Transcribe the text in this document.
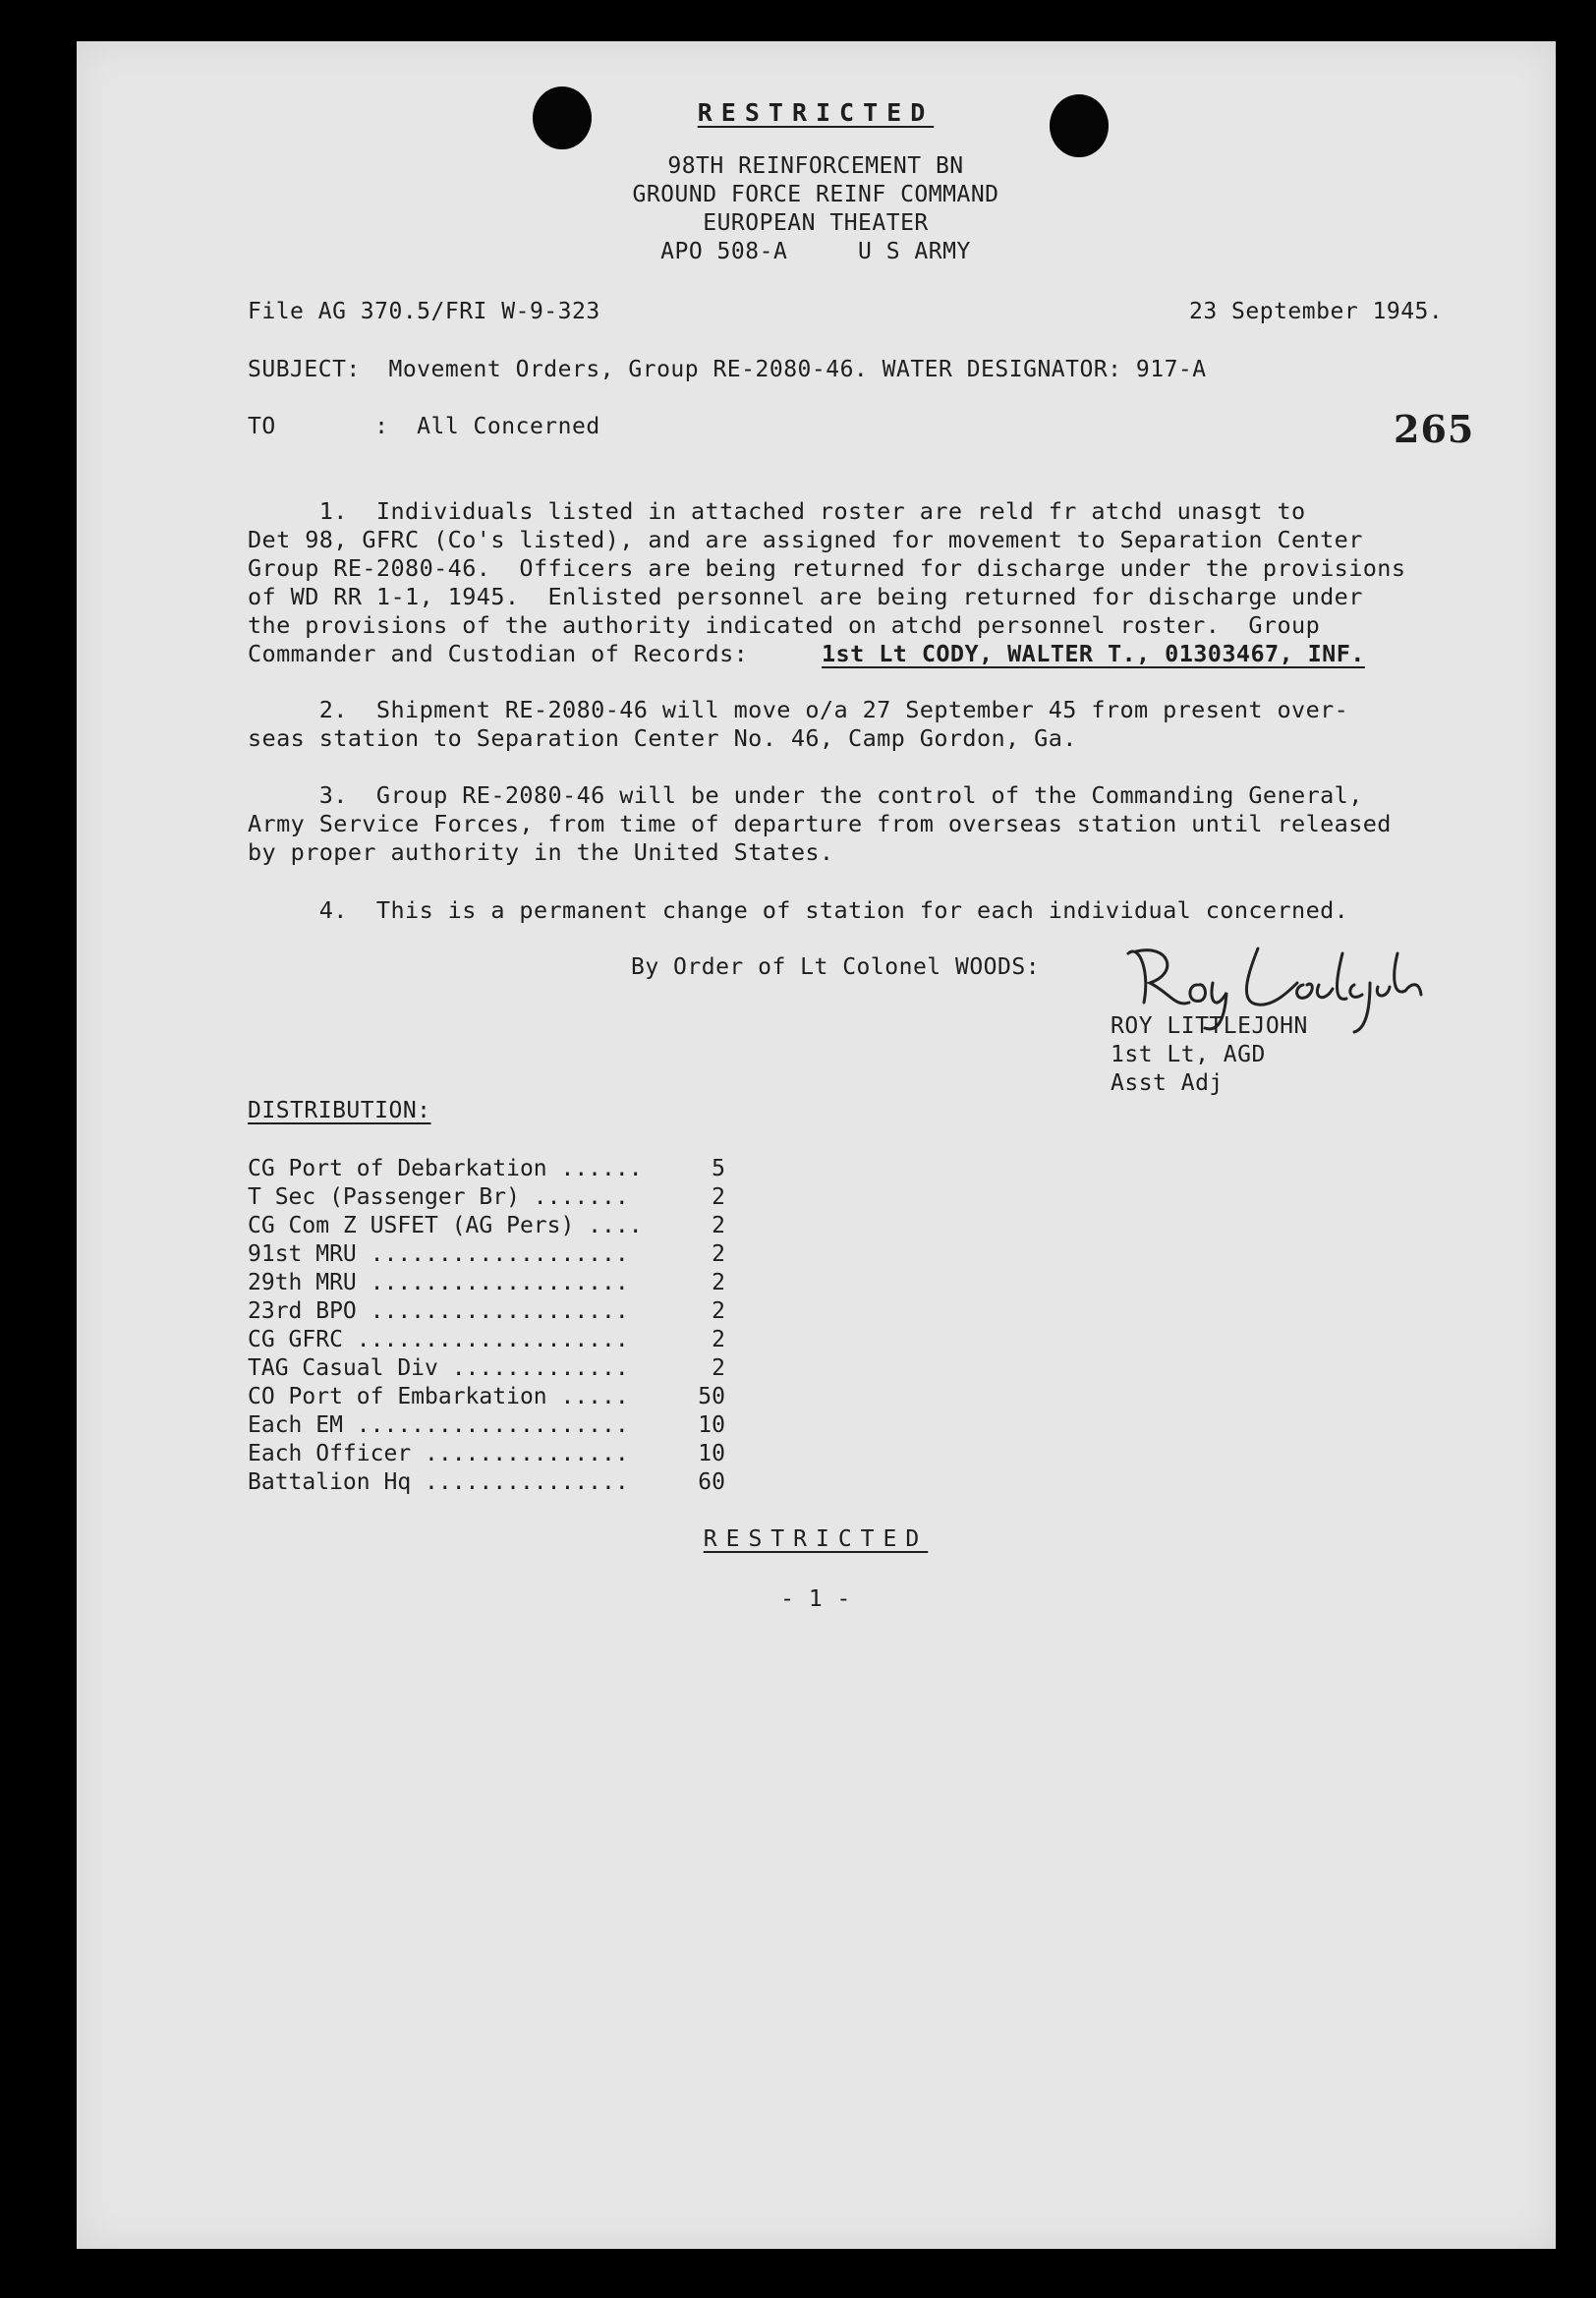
RESTRICTED
98TH REINFORCEMENT BN
GROUND FORCE REINF COMMAND
EUROPEAN THEATER
APO 508-A     U S ARMY
File AG 370.5/FRI W-9-323	23 September 1945.
SUBJECT:  Movement Orders, Group RE-2080-46. WATER DESIGNATOR: 917-A
TO       :  All Concerned	265
1.  Individuals listed in attached roster are reld fr atchd unasgt to
Det 98, GFRC (Co's listed), and are assigned for movement to Separation Center
Group RE-2080-46.  Officers are being returned for discharge under the provisions
of WD RR 1-1, 1945.  Enlisted personnel are being returned for discharge under
the provisions of the authority indicated on atchd personnel roster.  Group
Commander and Custodian of Records:	1st Lt CODY, WALTER T., 01303467, INF.
2.  Shipment RE-2080-46 will move o/a 27 September 45 from present over-
seas station to Separation Center No. 46, Camp Gordon, Ga.
3.  Group RE-2080-46 will be under the control of the Commanding General,
Army Service Forces, from time of departure from overseas station until released
by proper authority in the United States.
4.  This is a permanent change of station for each individual concerned.
By Order of Lt Colonel WOODS:
ROY LITTLEJOHN
1st Lt, AGD
Asst Adj
DISTRIBUTION:
CG Port of Debarkation ......	5
T Sec (Passenger Br) .......	2
CG Com Z USFET (AG Pers) ....	2
91st MRU ...................	2
29th MRU ...................	2
23rd BPO ...................	2
CG GFRC ....................	2
TAG Casual Div .............	2
CO Port of Embarkation .....	50
Each EM ....................	10
Each Officer ...............	10
Battalion Hq ...............	60
RESTRICTED
- 1 -
